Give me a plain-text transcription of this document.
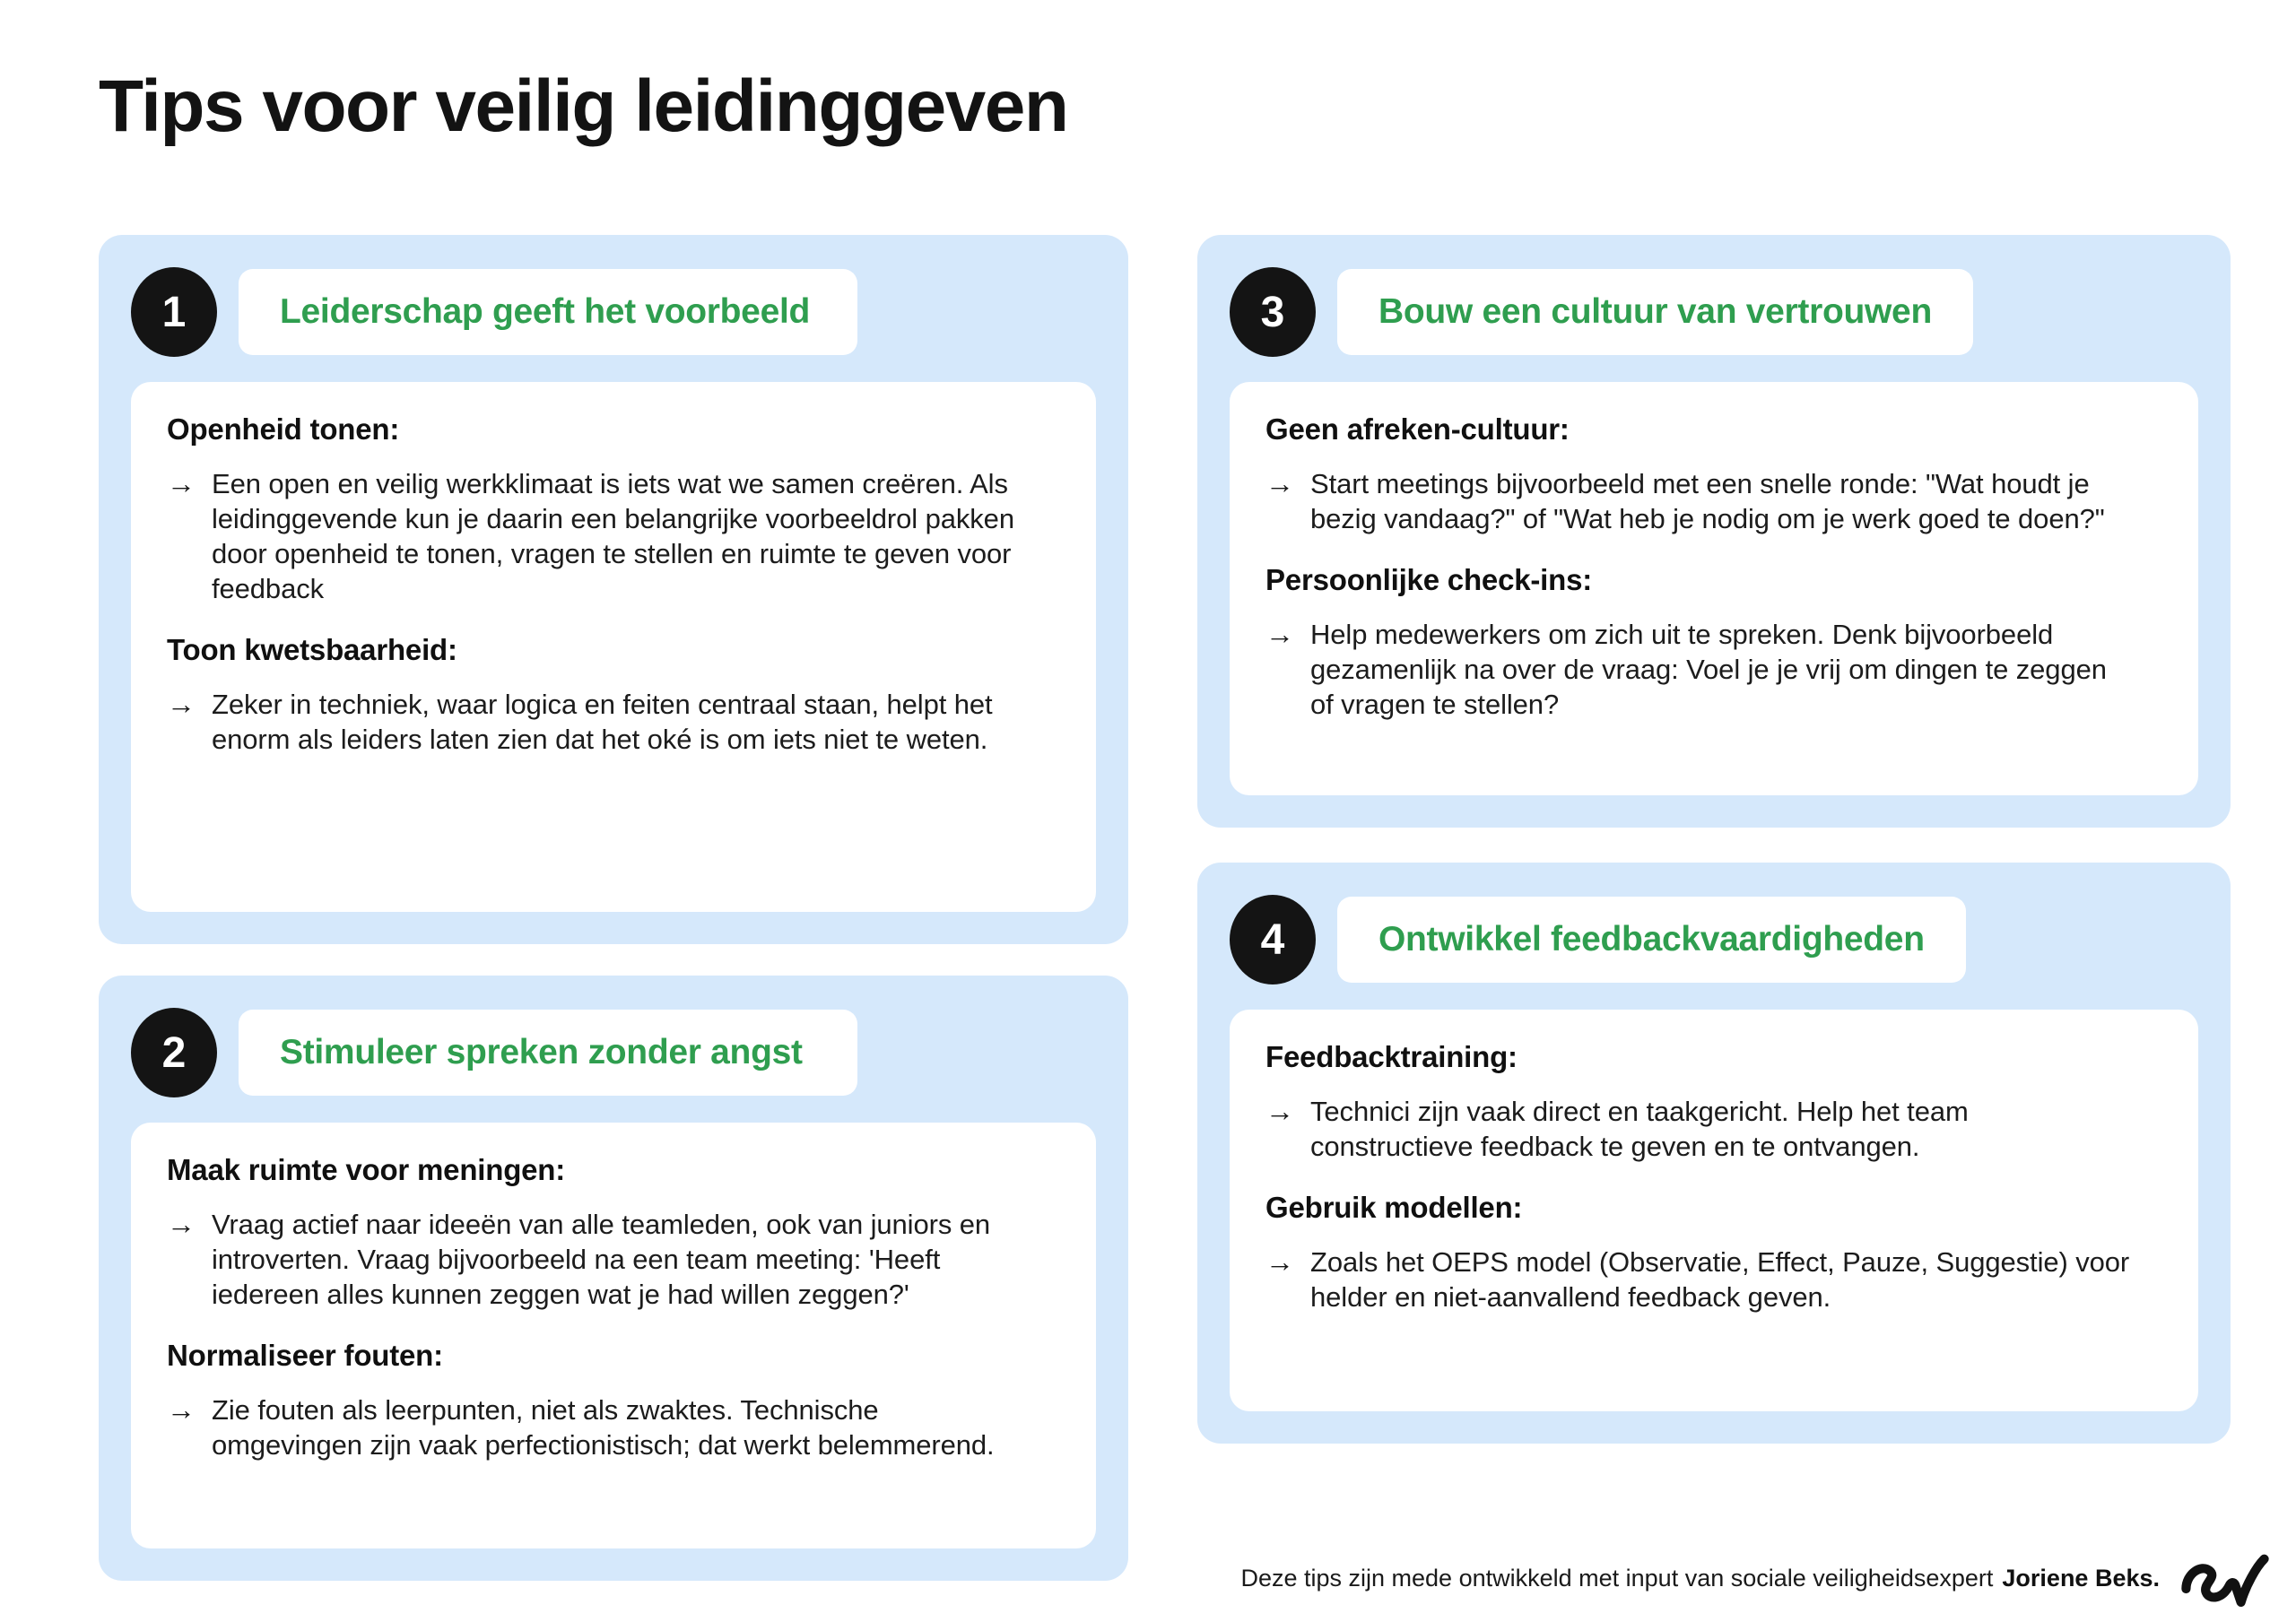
Tips voor veilig leidinggeven
1	Leiderschap geeft het voorbeeld
Openheid tonen:
→ Een open en veilig werkklimaat is iets wat we samen creëren. Als leidinggevende kun je daarin een belangrijke voorbeeldrol pakken door openheid te tonen, vragen te stellen en ruimte te geven voor feedback
Toon kwetsbaarheid:
→ Zeker in techniek, waar logica en feiten centraal staan, helpt het enorm als leiders laten zien dat het oké is om iets niet te weten.
2	Stimuleer spreken zonder angst
Maak ruimte voor meningen:
→ Vraag actief naar ideeën van alle teamleden, ook van juniors en introverten. Vraag bijvoorbeeld na een team meeting: 'Heeft iedereen alles kunnen zeggen wat je had willen zeggen?'
Normaliseer fouten:
→ Zie fouten als leerpunten, niet als zwaktes. Technische omgevingen zijn vaak perfectionistisch; dat werkt belemmerend.
3	Bouw een cultuur van vertrouwen
Geen afreken-cultuur:
→ Start meetings bijvoorbeeld met een snelle ronde: "Wat houdt je bezig vandaag?" of "Wat heb je nodig om je werk goed te doen?"
Persoonlijke check-ins:
→ Help medewerkers om zich uit te spreken. Denk bijvoorbeeld gezamenlijk na over de vraag: Voel je je vrij om dingen te zeggen of vragen te stellen?
4	Ontwikkel feedbackvaardigheden
Feedbacktraining:
→ Technici zijn vaak direct en taakgericht. Help het team constructieve feedback te geven en te ontvangen.
Gebruik modellen:
→ Zoals het OEPS model (Observatie, Effect, Pauze, Suggestie) voor helder en niet-aanvallend feedback geven.
Deze tips zijn mede ontwikkeld met input van sociale veiligheidsexpert Joriene Beks.
